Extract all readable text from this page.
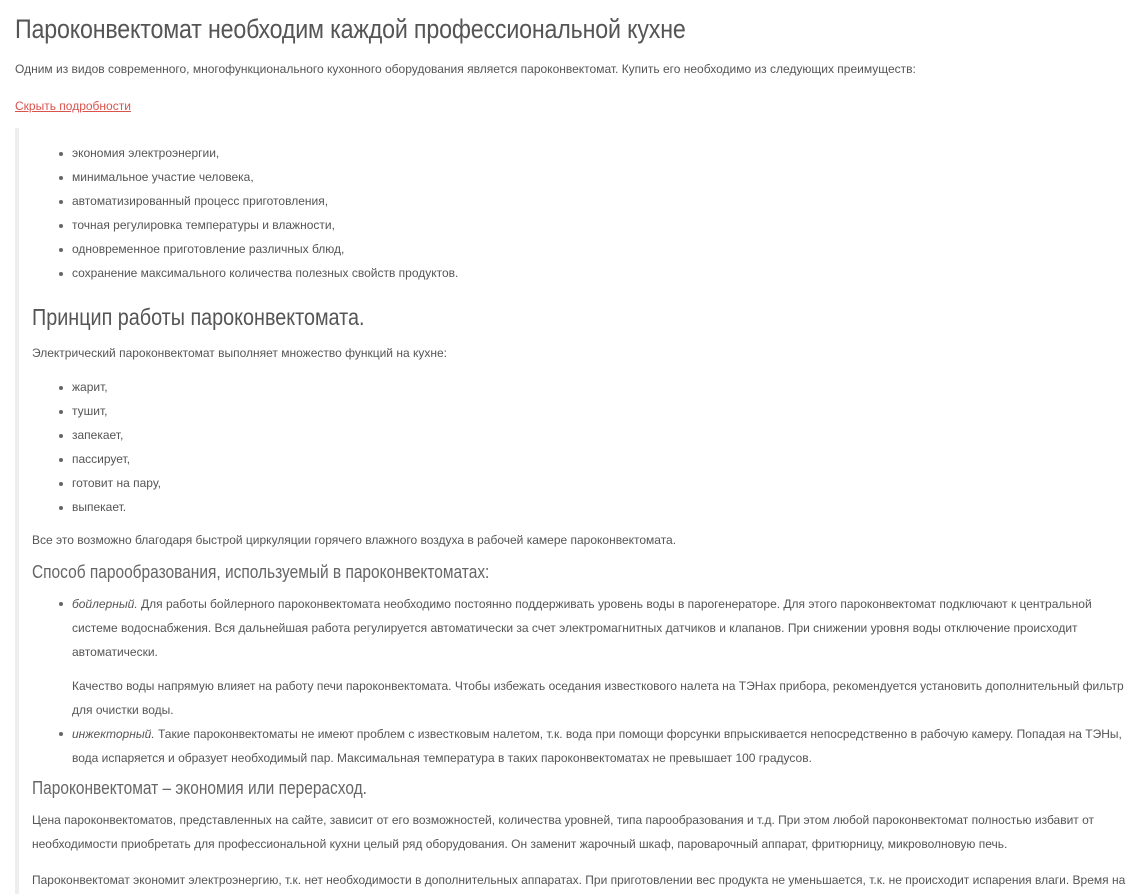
Пароконвектомат необходим каждой профессиональной кухне

Одним из видов современного, многофункционального кухонного оборудования является пароконвектомат. Купить его необходимо из следующих преимуществ:

Скрыть подробности
экономия электроэнергии,
минимальное участие человека,
автоматизированный процесс приготовления,
точная регулировка температуры и влажности,
одновременное приготовление различных блюд,
сохранение максимального количества полезных свойств продуктов.
Принцип работы пароконвектомата.

Электрический пароконвектомат выполняет множество функций на кухне:

жарит,
тушит,
запекает,
пассирует,
готовит на пару,
выпекает.

Все это возможно благодаря быстрой циркуляции горячего влажного воздуха в рабочей камере пароконвектомата.

Способ парообразования, используемый в пароконвектоматах:
бойлерный. Для работы бойлерного пароконвектомата необходимо постоянно поддерживать уровень воды в парогенераторе. Для этого пароконвектомат подключают к центральной системе водоснабжения. Вся дальнейшая работа регулируется автоматически за счет электромагнитных датчиков и клапанов. При снижении уровня воды отключение происходит автоматически.
Качество воды напрямую влияет на работу печи пароконвектомата. Чтобы избежать оседания известкового налета на ТЭНах прибора, рекомендуется установить дополнительный фильтр для очистки воды.
инжекторный. Такие пароконвектоматы не имеют проблем с известковым налетом, т.к. вода при помощи форсунки впрыскивается непосредственно в рабочую камеру. Попадая на ТЭНы, вода испаряется и образует необходимый пар. Максимальная температура в таких пароконвектоматах не превышает 100 градусов.
Пароконвектомат – экономия или перерасход.

Цена пароконвектоматов, представленных на сайте, зависит от его возможностей, количества уровней, типа парообразования и т.д. При этом любой пароконвектомат полностью избавит от необходимости приобретать для профессиональной кухни целый ряд оборудования. Он заменит жарочный шкаф, пароварочный аппарат, фритюрницу, микроволновую печь.

Пароконвектомат экономит электроэнергию, т.к. нет необходимости в дополнительных аппаратах. При приготовлении вес продукта не уменьшается, т.к. не происходит испарения влаги. Время на
